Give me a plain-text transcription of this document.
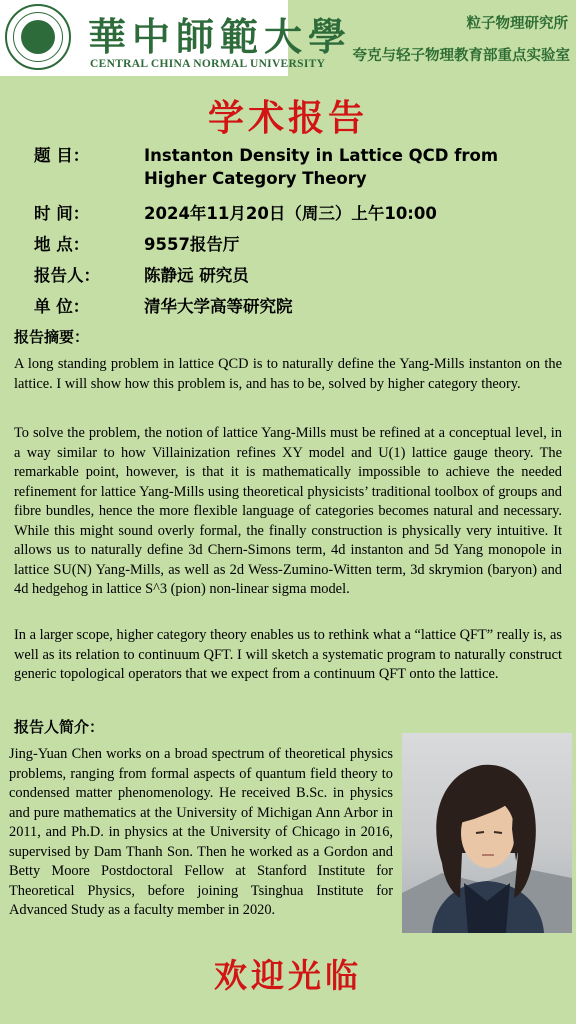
華中師範大學
CENTRAL CHINA NORMAL UNIVERSITY
粒子物理研究所
夸克与轻子物理教育部重点实验室
学术报告
题 目：	Instanton Density in Lattice QCD from
Higher Category Theory
时 间：	2024年11月20日（周三）上午10:00
地 点：	9557报告厅
报告人：	陈静远 研究员
单 位：	清华大学高等研究院
报告摘要：
A long standing problem in lattice QCD is to naturally define the Yang-Mills instanton on the lattice. I will show how this problem is, and has to be, solved by higher category theory.
To solve the problem, the notion of lattice Yang-Mills must be refined at a conceptual level, in a way similar to how Villainization refines XY model and U(1) lattice gauge theory. The remarkable point, however, is that it is mathematically impossible to achieve the needed refinement for lattice Yang-Mills using theoretical physicists’ traditional toolbox of groups and fibre bundles, hence the more flexible language of categories becomes natural and necessary. While this might sound overly formal, the finally construction is physically very intuitive. It allows us to naturally define 3d Chern-Simons term, 4d instanton and 5d Yang monopole in lattice SU(N) Yang-Mills, as well as 2d Wess-Zumino-Witten term, 3d skrymion (baryon) and 4d hedgehog in lattice S^3 (pion) non-linear sigma model.
In a larger scope, higher category theory enables us to rethink what a “lattice QFT” really is, as well as its relation to continuum QFT. I will sketch a systematic program to naturally construct generic topological operators that we expect from a continuum QFT onto the lattice.
报告人简介：
Jing-Yuan Chen works on a broad spectrum of theoretical physics problems, ranging from formal aspects of quantum field theory to condensed matter phenomenology. He received B.Sc. in physics and pure mathematics at the University of Michigan Ann Arbor in 2011, and Ph.D. in physics at the University of Chicago in 2016, supervised by Dam Thanh Son. Then he worked as a Gordon and Betty Moore Postdoctoral Fellow at Stanford Institute for Theoretical Physics, before joining Tsinghua Institute for Advanced Study as a faculty member in 2020.
欢迎光临
